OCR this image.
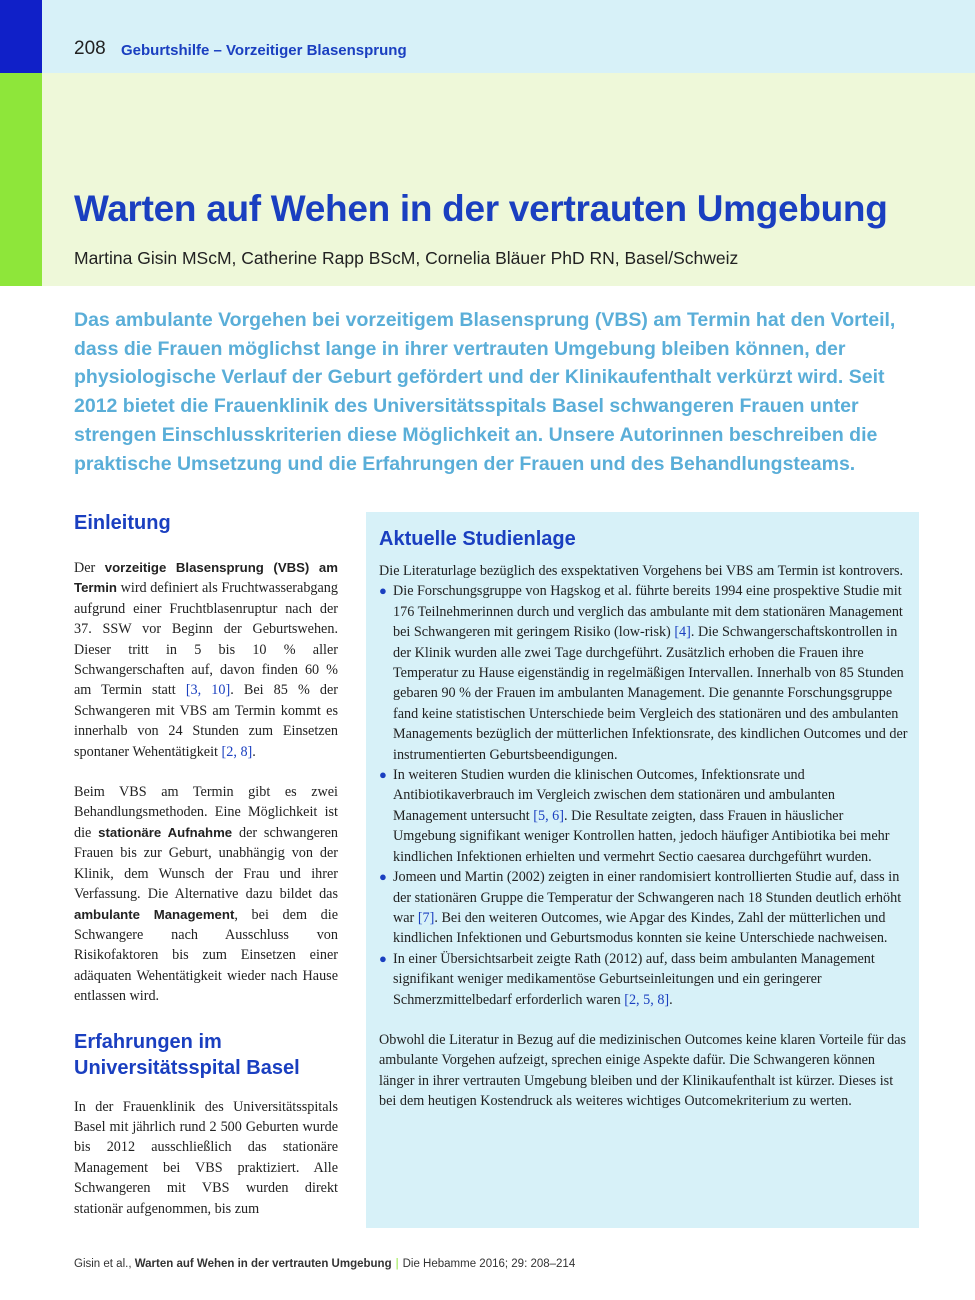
208 Geburtshilfe – Vorzeitiger Blasensprung
Warten auf Wehen in der vertrauten Umgebung
Martina Gisin MScM, Catherine Rapp BScM, Cornelia Bläuer PhD RN, Basel/Schweiz
Das ambulante Vorgehen bei vorzeitigem Blasensprung (VBS) am Termin hat den Vorteil, dass die Frauen möglichst lange in ihrer vertrauten Umgebung bleiben können, der physiologische Verlauf der Geburt gefördert und der Klinikaufenthalt verkürzt wird. Seit 2012 bietet die Frauenklinik des Universitätsspitals Basel schwangeren Frauen unter strengen Einschlusskriterien diese Möglichkeit an. Unsere Autorinnen beschreiben die praktische Umsetzung und die Erfahrungen der Frauen und des Behandlungsteams.
Einleitung

Der vorzeitige Blasensprung (VBS) am Termin wird definiert als Fruchtwasserabgang aufgrund einer Fruchtblasenruptur nach der 37. SSW vor Beginn der Geburtswehen. Dieser tritt in 5 bis 10 % aller Schwangerschaften auf, davon finden 60 % am Termin statt [3, 10]. Bei 85 % der Schwangeren mit VBS am Termin kommt es innerhalb von 24 Stunden zum Einsetzen spontaner Wehentätigkeit [2, 8].

Beim VBS am Termin gibt es zwei Behandlungsmethoden. Eine Möglichkeit ist die stationäre Aufnahme der schwangeren Frauen bis zur Geburt, unabhängig von der Klinik, dem Wunsch der Frau und ihrer Verfassung. Die Alternative dazu bildet das ambulante Management, bei dem die Schwangere nach Ausschluss von Risikofaktoren bis zum Einsetzen einer adäquaten Wehentätigkeit wieder nach Hause entlassen wird.

Erfahrungen im
Universitätsspital Basel

In der Frauenklinik des Universitätsspitals Basel mit jährlich rund 2 500 Geburten wurde bis 2012 ausschließlich das stationäre Management bei VBS praktiziert. Alle Schwangeren mit VBS wurden direkt stationär aufgenommen, bis zum

Aktuelle Studienlage

Die Literaturlage bezüglich des exspektativen Vorgehens bei VBS am Termin ist kontrovers.

● Die Forschungsgruppe von Hagskog et al. führte bereits 1994 eine prospektive Studie mit 176 Teilnehmerinnen durch und verglich das ambulante mit dem stationären Management bei Schwangeren mit geringem Risiko (low-risk) [4]. Die Schwangerschaftskontrollen in der Klinik wurden alle zwei Tage durchgeführt. Zusätzlich erhoben die Frauen ihre Temperatur zu Hause eigenständig in regelmäßigen Intervallen. Innerhalb von 85 Stunden gebaren 90 % der Frauen im ambulanten Management. Die genannte Forschungsgruppe fand keine statistischen Unterschiede beim Vergleich des stationären und des ambulanten Managements bezüglich der mütterlichen Infektionsrate, des kindlichen Outcomes und der instrumentierten Geburtsbeendigungen.
● In weiteren Studien wurden die klinischen Outcomes, Infektionsrate und Antibiotikaverbrauch im Vergleich zwischen dem stationären und ambulanten Management untersucht [5, 6]. Die Resultate zeigten, dass Frauen in häuslicher Umgebung signifikant weniger Kontrollen hatten, jedoch häufiger Antibiotika bei mehr kindlichen Infektionen erhielten und vermehrt Sectio caesarea durchgeführt wurden.
● Jomeen und Martin (2002) zeigten in einer randomisiert kontrollierten Studie auf, dass in der stationären Gruppe die Temperatur der Schwangeren nach 18 Stunden deutlich erhöht war [7]. Bei den weiteren Outcomes, wie Apgar des Kindes, Zahl der mütterlichen und kindlichen Infektionen und Geburtsmodus konnten sie keine Unterschiede nachweisen.
● In einer Übersichtsarbeit zeigte Rath (2012) auf, dass beim ambulanten Management signifikant weniger medikamentöse Geburtseinleitungen und ein geringerer Schmerzmittelbedarf erforderlich waren [2, 5, 8].

Obwohl die Literatur in Bezug auf die medizinischen Outcomes keine klaren Vorteile für das ambulante Vorgehen aufzeigt, sprechen einige Aspekte dafür. Die Schwangeren können länger in ihrer vertrauten Umgebung bleiben und der Klinikaufenthalt ist kürzer. Dieses ist bei dem heutigen Kostendruck als weiteres wichtiges Outcomekriterium zu werten.

Gisin et al., Warten auf Wehen in der vertrauten Umgebung | Die Hebamme 2016; 29: 208–214
